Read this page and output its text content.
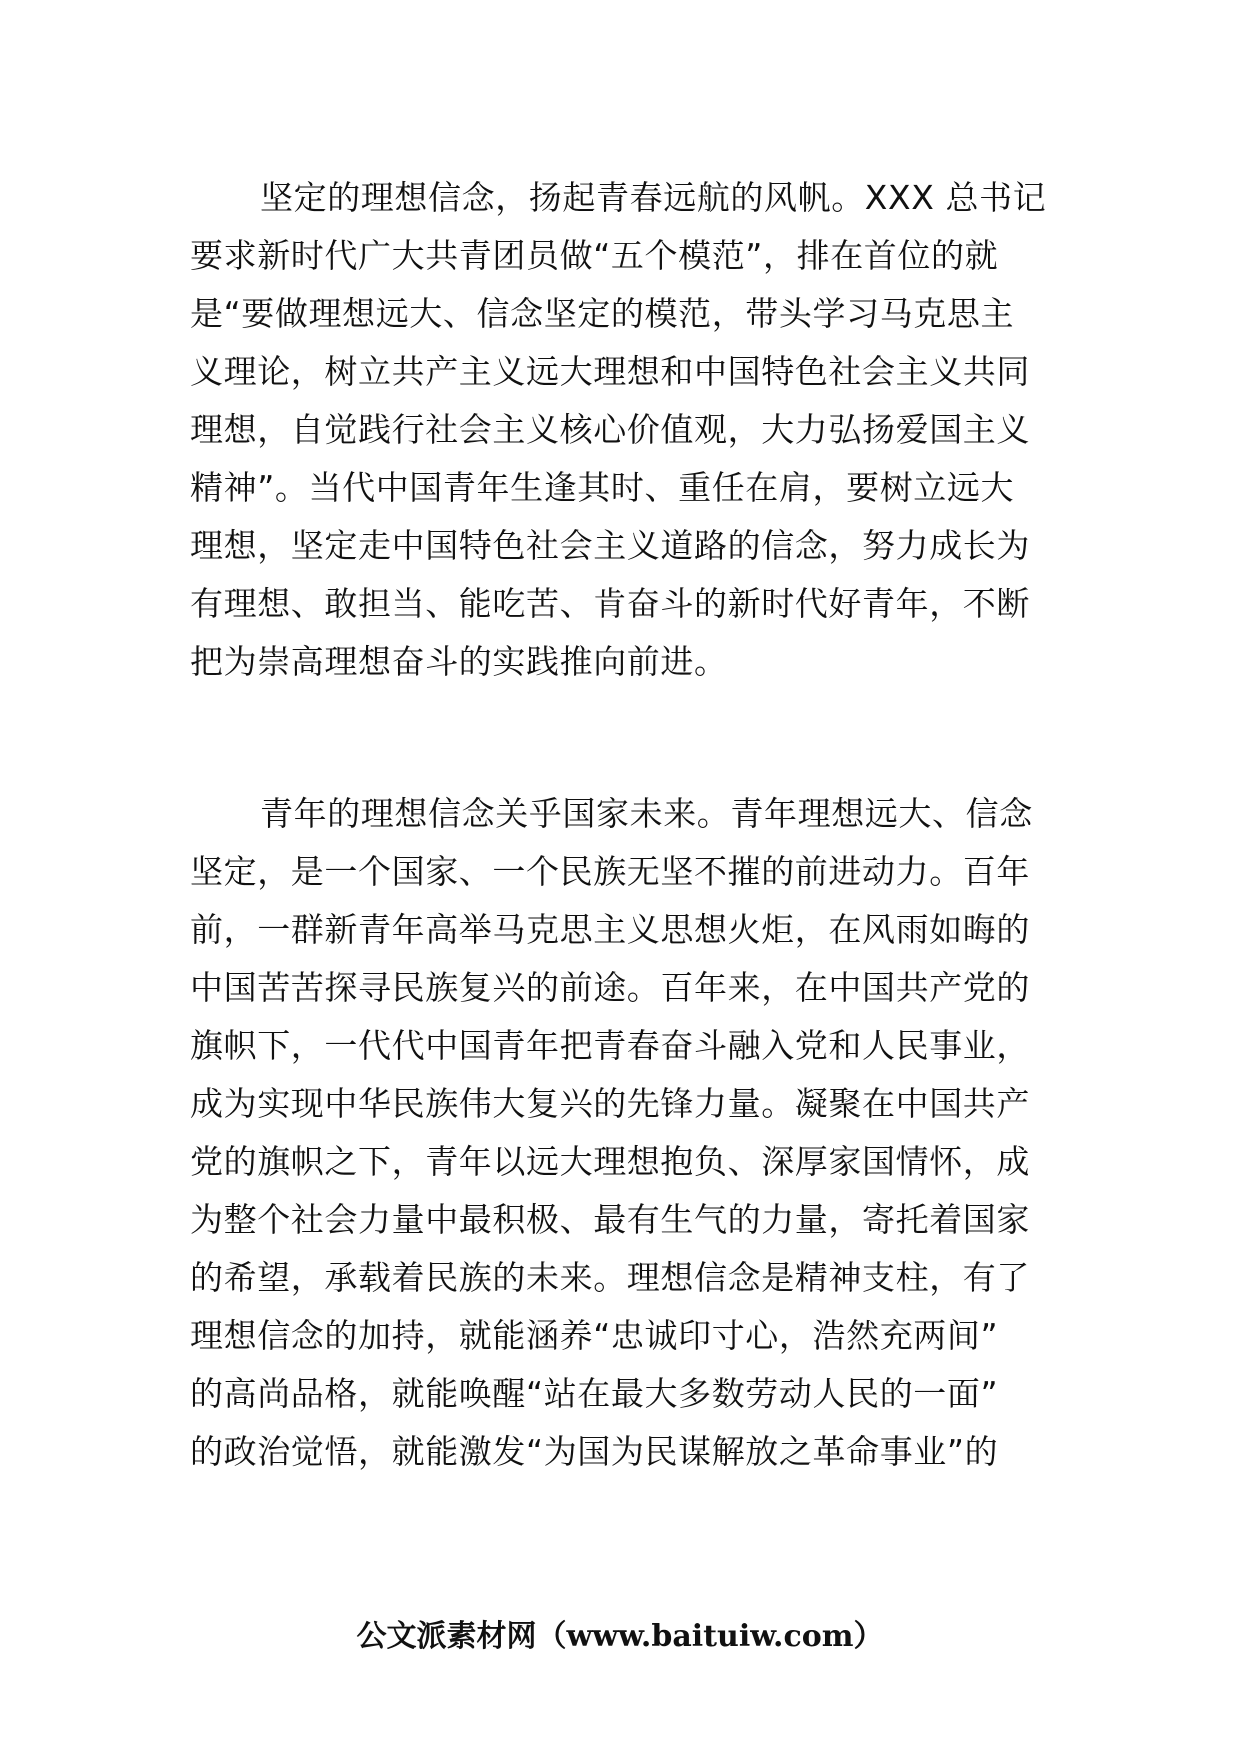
坚定的理想信念，扬起青春远航的风帆。XXX 总书记
要求新时代广大共青团员做“五个模范”，排在首位的就
是“要做理想远大、信念坚定的模范，带头学习马克思主
义理论，树立共产主义远大理想和中国特色社会主义共同
理想，自觉践行社会主义核心价值观，大力弘扬爱国主义
精神”。当代中国青年生逢其时、重任在肩，要树立远大
理想，坚定走中国特色社会主义道路的信念，努力成长为
有理想、敢担当、能吃苦、肯奋斗的新时代好青年，不断
把为崇高理想奋斗的实践推向前进。
青年的理想信念关乎国家未来。青年理想远大、信念
坚定，是一个国家、一个民族无坚不摧的前进动力。百年
前，一群新青年高举马克思主义思想火炬，在风雨如晦的
中国苦苦探寻民族复兴的前途。百年来，在中国共产党的
旗帜下，一代代中国青年把青春奋斗融入党和人民事业，
成为实现中华民族伟大复兴的先锋力量。凝聚在中国共产
党的旗帜之下，青年以远大理想抱负、深厚家国情怀，成
为整个社会力量中最积极、最有生气的力量，寄托着国家
的希望，承载着民族的未来。理想信念是精神支柱，有了
理想信念的加持，就能涵养“忠诚印寸心，浩然充两间”
的高尚品格，就能唤醒“站在最大多数劳动人民的一面”
的政治觉悟，就能激发“为国为民谋解放之革命事业”的
公文派素材网（www.baituiw.com）
